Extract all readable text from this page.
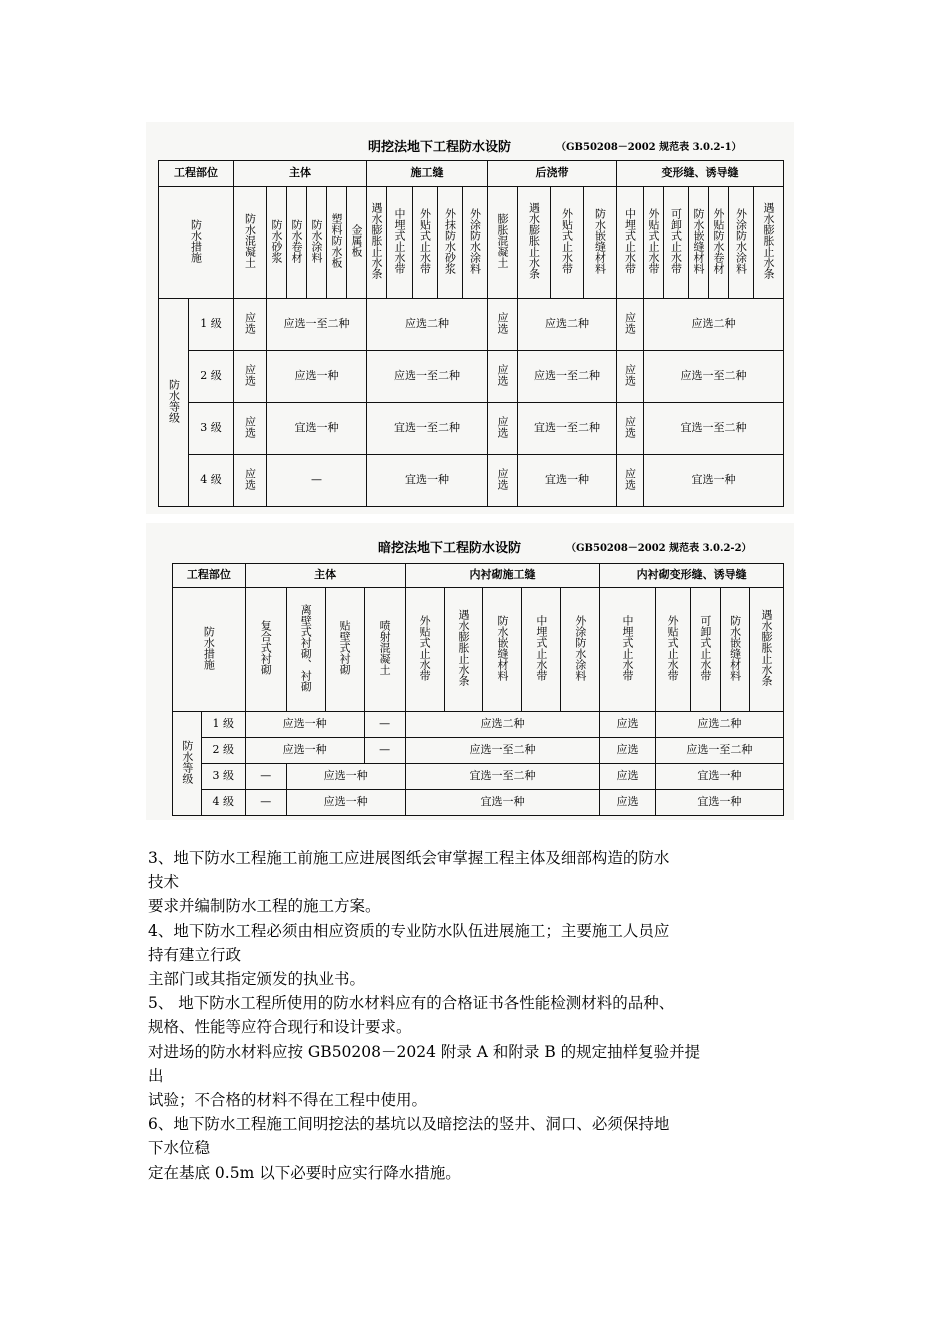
明挖法地下工程防水设防	（GB50208－2002 规范表 3.0.2-1）
工程部位		主体						施工缝					后浇带				变形缝、诱导缝						
防水措施		防水混凝土	防水砂浆	防水卷材	防水涂料	塑料防水板	金属板	遇水膨胀止水条	中埋式止水带	外贴式止水带	外抹防水砂浆	外涂防水涂料	膨胀混凝土	遇水膨胀止水条	外贴式止水带	防水嵌缝材料	中埋式止水带	外贴式止水带	可卸式止水带	防水嵌缝材料	外贴防水卷材	外涂防水涂料	遇水膨胀止水条
防水等级	1 级	应选	应选一至二种					应选二种					应选	应选二种			应选	应选二种					
	2 级	应选	应选一种					应选一至二种					应选	应选一至二种			应选	应选一至二种					
	3 级	应选	宜选一种					宜选一至二种					应选	宜选一至二种			应选	宜选一至二种					
	4 级	应选	—					宜选一种					应选	宜选一种			应选	宜选一种					
暗挖法地下工程防水设防	（GB50208－2002 规范表 3.0.2-2）
工程部位		主体				内衬砌施工缝					内衬砌变形缝、诱导缝				
防水措施		复合式衬砌	离壁式衬砌、衬砌	贴壁式衬砌	喷射混凝土	外贴式止水带	遇水膨胀止水条	防水嵌缝材料	中埋式止水带	外涂防水涂料	中埋式止水带	外贴式止水带	可卸式止水带	防水嵌缝材料	遇水膨胀止水条
防水等级	1 级	应选一种			—	应选二种					应选	应选二种			
	2 级	应选一种			—	应选一至二种					应选	应选一至二种			
	3 级	—	应选一种			宜选一至二种					应选	宜选一种			
	4 级	—	应选一种			宜选一种					应选	宜选一种			

3、地下防水工程施工前施工应进展图纸会审掌握工程主体及细部构造的防水

技术

要求并编制防水工程的施工方案。

4、地下防水工程必须由相应资质的专业防水队伍进展施工；主要施工人员应

持有建立行政

主部门或其指定颁发的执业书。

5、 地下防水工程所使用的防水材料应有的合格证书各性能检测材料的品种、

规格、性能等应符合现行和设计要求。

对进场的防水材料应按 GB50208－2024 附录 A 和附录 B 的规定抽样复验并提

出

试验；不合格的材料不得在工程中使用。

6、地下防水工程施工间明挖法的基坑以及暗挖法的竖井、洞口、必须保持地

下水位稳

定在基底 0.5m 以下必要时应实行降水措施。
